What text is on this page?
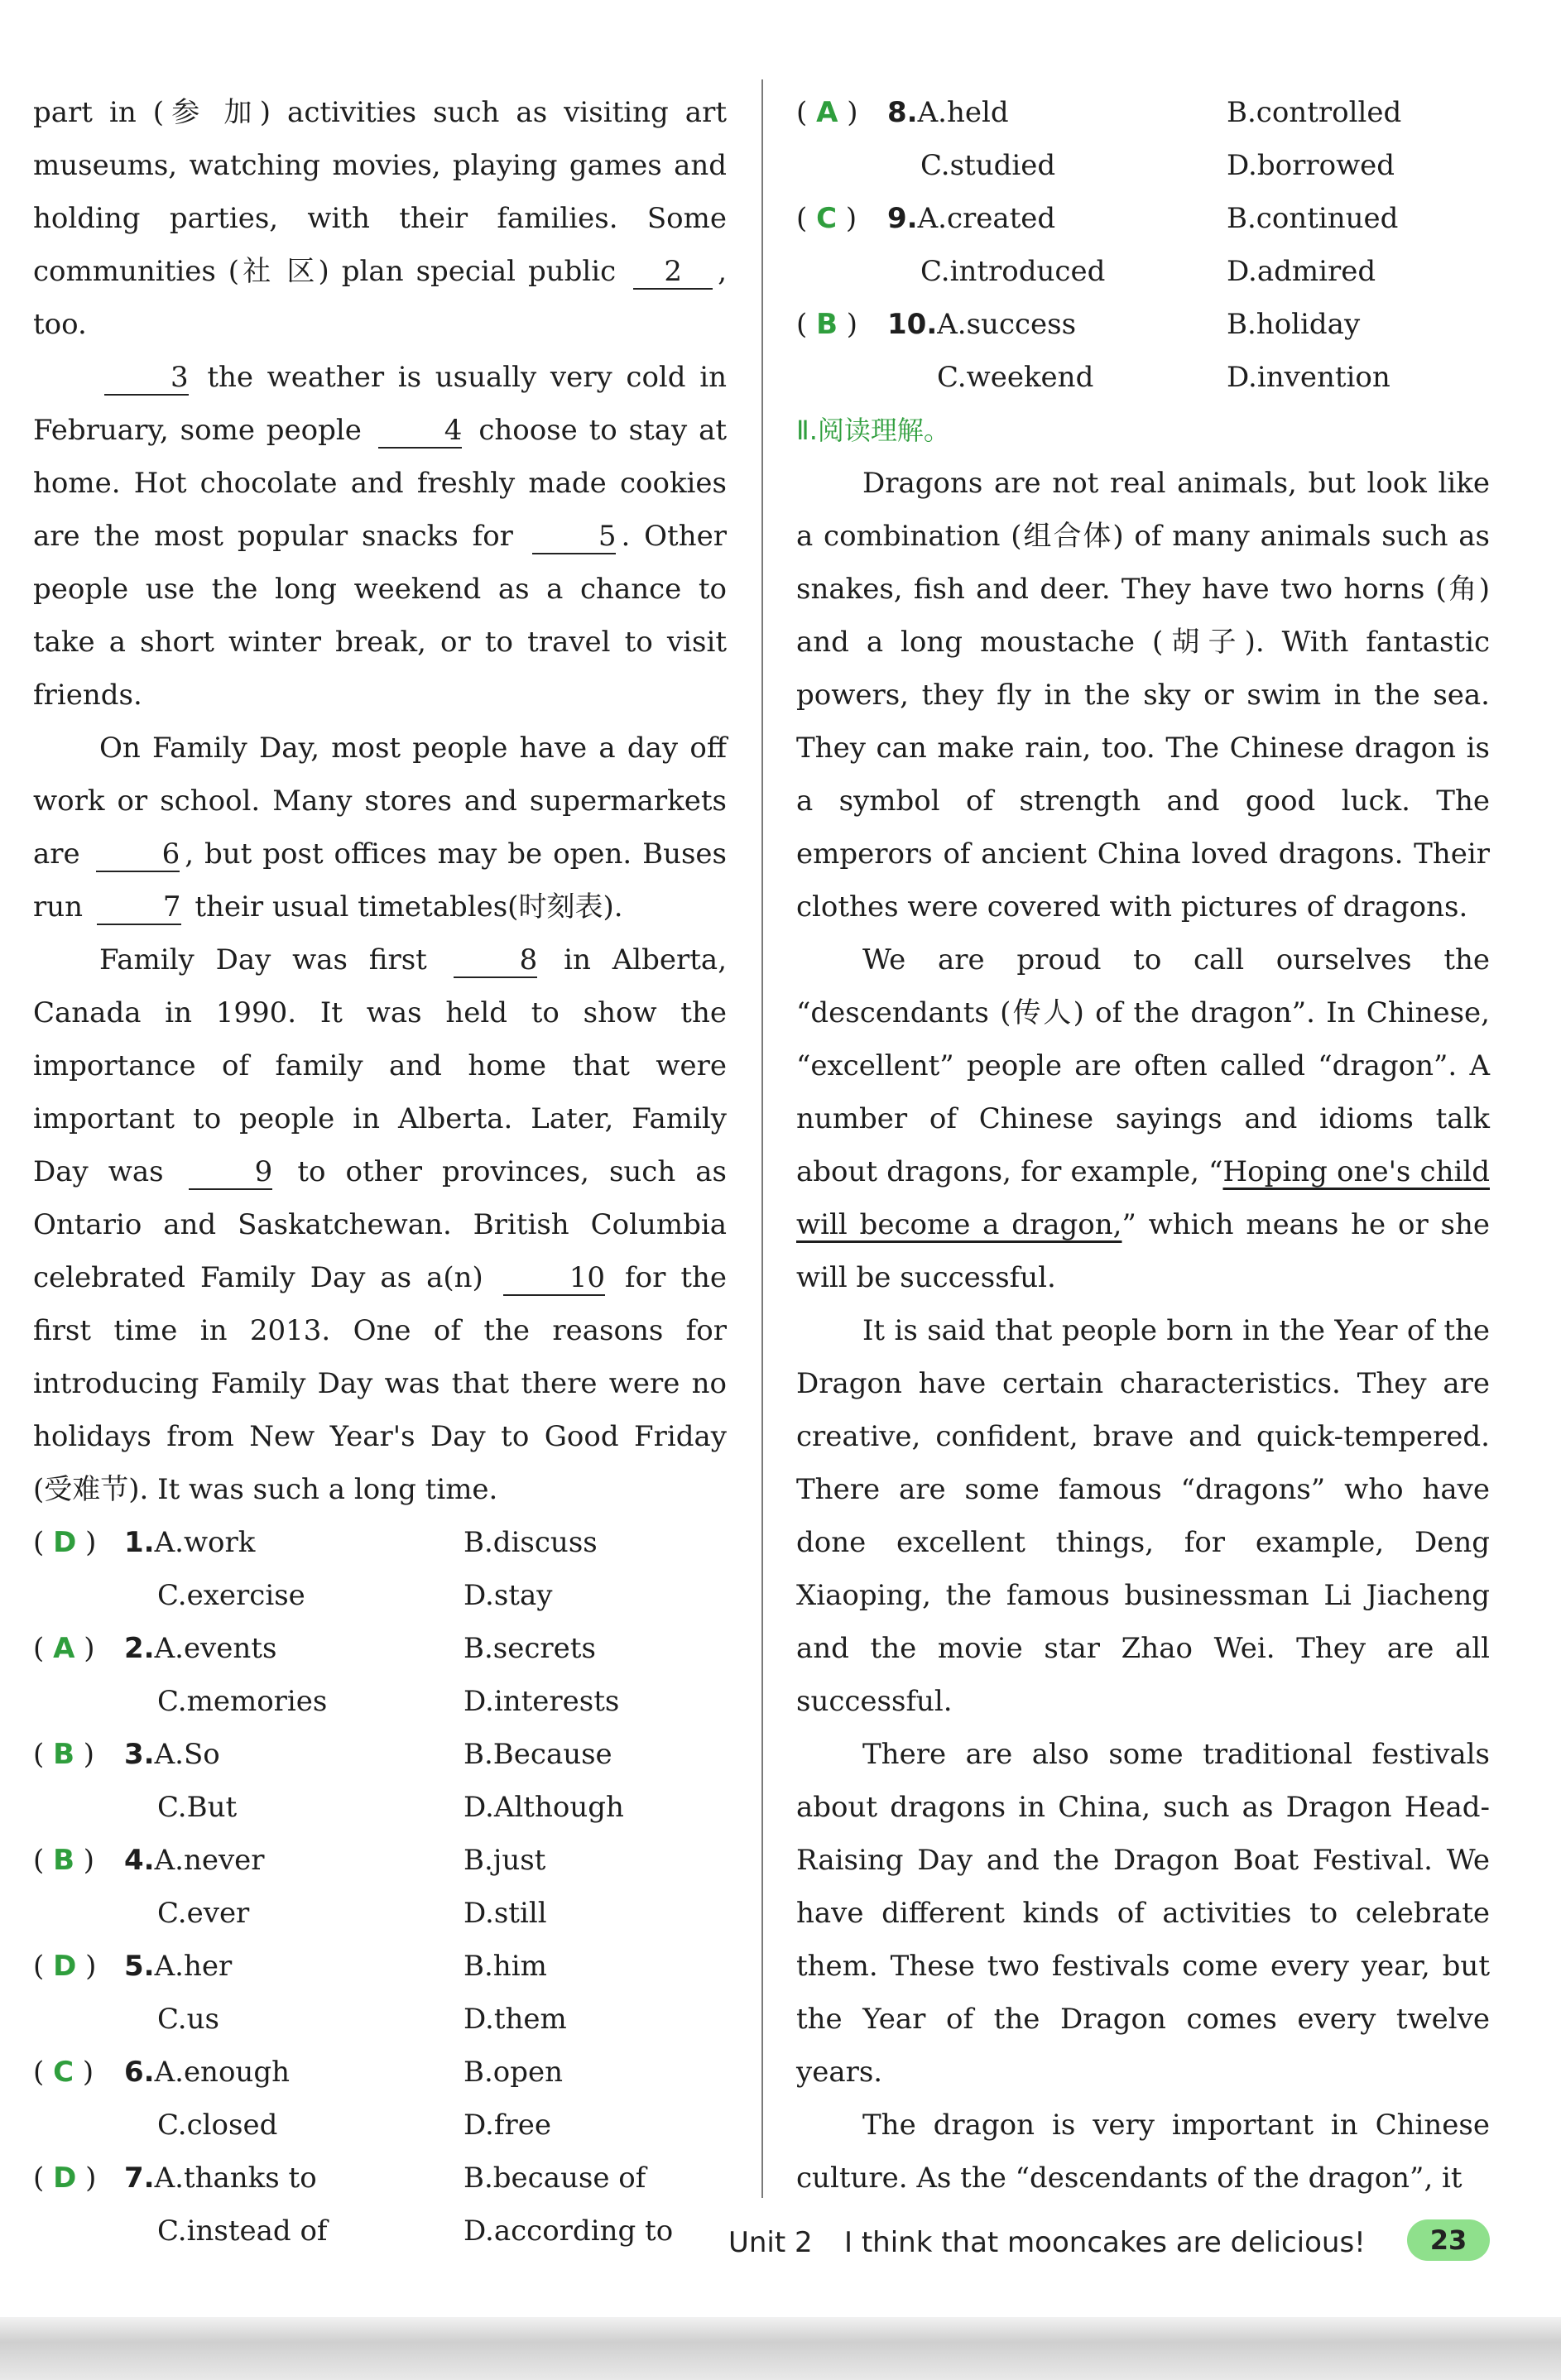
part in (参 加) activities such as visiting art museums, watching movies, playing games and holding parties, with their families. Some communities (社 区) plan special public 2 , too.

3 the weather is usually very cold in February, some people	4 choose to stay at home. Hot chocolate and freshly made cookies are the most popular snacks for	5 . Other people use the long weekend as a chance to take a short winter break, or to travel to visit friends.

On Family Day, most people have a day off work or school. Many stores and supermarkets are	6 , but post offices may be open. Buses run	7 their usual timetables(时刻表).

Family Day was first	8 in Alberta, Canada in 1990. It was held to show the importance of family and home that were important to people in Alberta. Later, Family Day was	9 to other provinces, such as Ontario and Saskatchewan. British Columbia celebrated Family Day as a(n)	10 for the first time in 2013. One of the reasons for introducing Family Day was that there were no holidays from New Year's Day to Good Friday (受难节). It was such a long time.

( D ) 1.A.work	B.discuss
C.exercise	D.stay
( A )	2.A.events	B.secrets
C.memories	D.interests
( B )	3.A.So	B.Because
C.But	D.Although
( B )	4.A.never	B.just
C.ever	D.still
( D ) 5.A.her	B.him
C.us	D.them
( C )	6.A.enough	B.open
C.closed	D.free
( D ) 7.A.thanks to	B.because of
C.instead of	D.according to
( A )	8.A.held	B.controlled
C.studied	D.borrowed
( C )	9.A.created	B.continued
C.introduced	D.admired
( B )	10.A.success	B.holiday
C.weekend	D.invention

Ⅱ.阅读理解。

Dragons are not real animals, but look like a combination (组合体) of many animals such as snakes, fish and deer. They have two horns (角) and a long moustache (胡子). With fantastic powers, they fly in the sky or swim in the sea. They can make rain, too. The Chinese dragon is a symbol of strength and good luck. The emperors of ancient China loved dragons. Their clothes were covered with pictures of dragons.

We are proud to call ourselves the “descendants (传人) of the dragon”. In Chinese, “excellent” people are often called “dragon”. A number of Chinese sayings and idioms talk about dragons, for example, “Hoping one's child will become a dragon,” which means he or she will be successful.

It is said that people born in the Year of the Dragon have certain characteristics. They are creative, confident, brave and quick-tempered. There are some famous “dragons” who have done excellent things, for example, Deng Xiaoping, the famous businessman Li Jiacheng and the movie star Zhao Wei. They are all successful.

There are also some traditional festivals about dragons in China, such as Dragon Head-Raising Day and the Dragon Boat Festival. We have different kinds of activities to celebrate them. These two festivals come every year, but the Year of the Dragon comes every twelve years.

The dragon is very important in Chinese culture. As the “descendants of the dragon”, it

Unit 2 I think that mooncakes are delicious!	23
